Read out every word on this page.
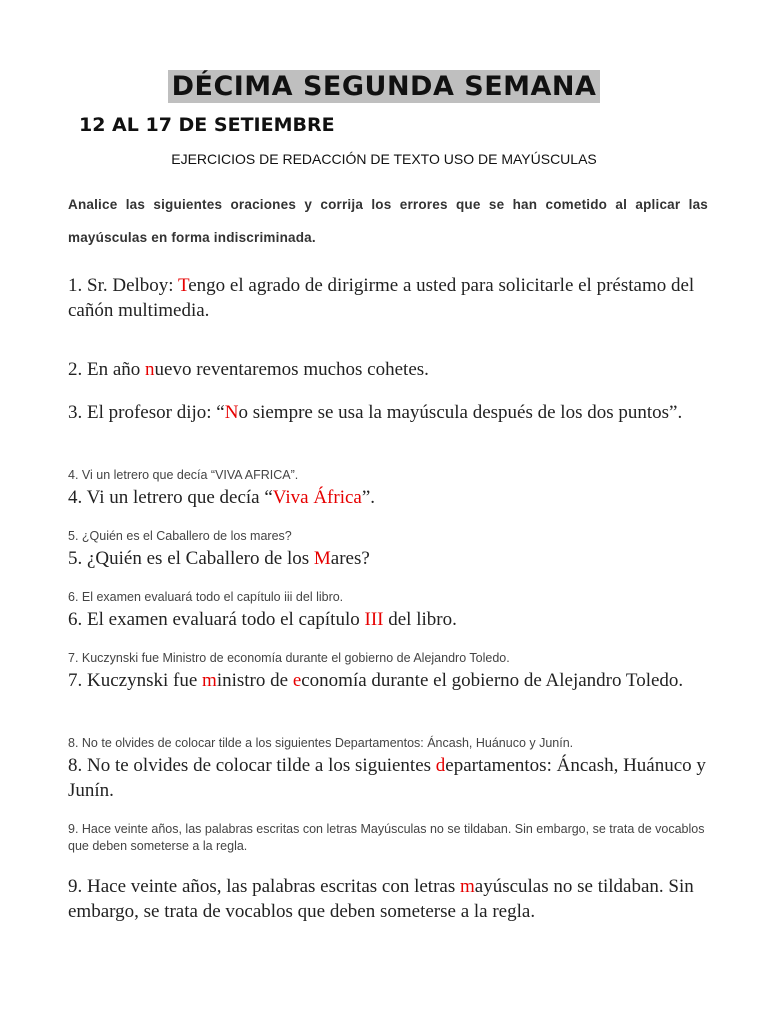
DÉCIMA SEGUNDA SEMANA
12 AL 17 DE SETIEMBRE
EJERCICIOS DE REDACCIÓN DE TEXTO USO DE MAYÚSCULAS
Analice las siguientes oraciones y corrija los errores que se han cometido al aplicar las mayúsculas en forma indiscriminada.
1. Sr. Delboy: Tengo el agrado de dirigirme a usted para solicitarle el préstamo del cañón multimedia.
2. En año nuevo reventaremos muchos cohetes.
3. El profesor dijo: “No siempre se usa la mayúscula después de los dos puntos”.
4. Vi un letrero que decía “VIVA AFRICA”.
4. Vi un letrero que decía “Viva África”.
5. ¿Quién es el Caballero de los mares?
5. ¿Quién es el Caballero de los Mares?
6. El examen evaluará todo el capítulo iii del libro.
6. El examen evaluará todo el capítulo III del libro.
7. Kuczynski fue Ministro de economía durante el gobierno de Alejandro Toledo.
7. Kuczynski fue ministro de economía durante el gobierno de Alejandro Toledo.
8. No te olvides de colocar tilde a los siguientes Departamentos: Áncash, Huánuco y Junín.
8. No te olvides de colocar tilde a los siguientes departamentos: Áncash, Huánuco y Junín.
9. Hace veinte años, las palabras escritas con letras Mayúsculas no se tildaban. Sin embargo, se trata de vocablos que deben someterse a la regla.
9. Hace veinte años, las palabras escritas con letras mayúsculas no se tildaban. Sin embargo, se trata de vocablos que deben someterse a la regla.
